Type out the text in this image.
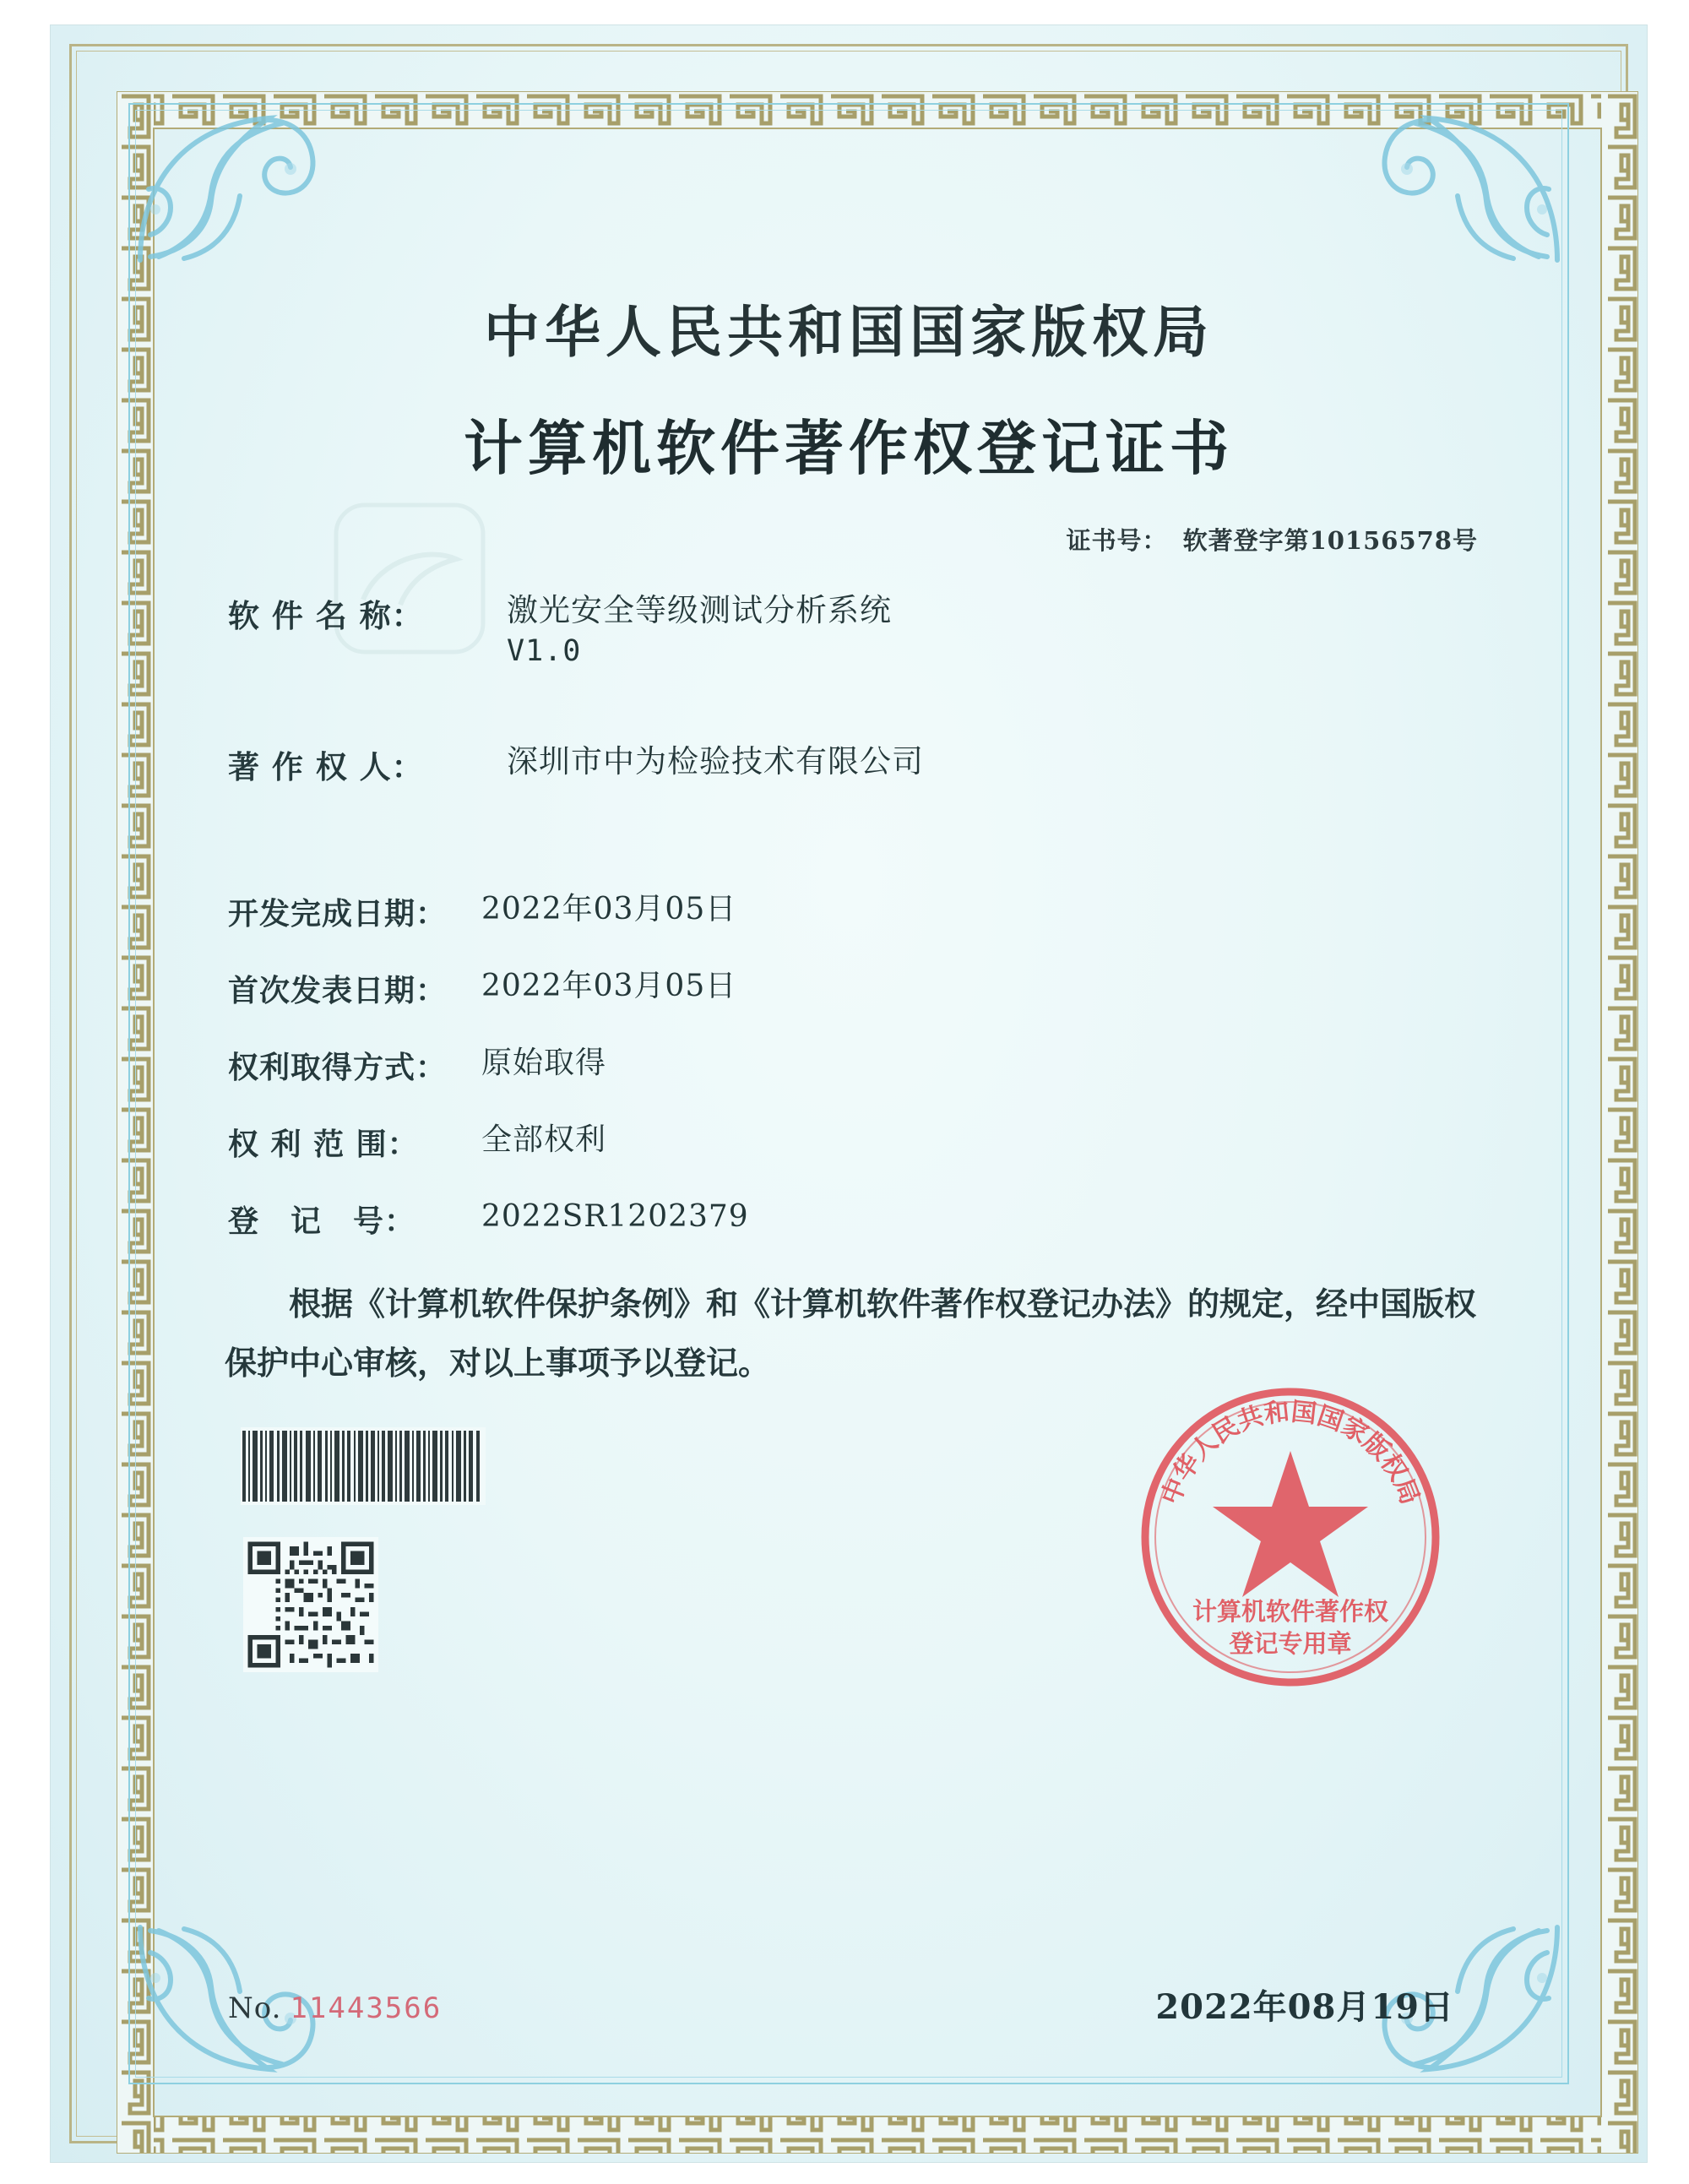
中华人民共和国国家版权局
计算机软件著作权登记证书
证书号： 软著登字第10156578号
软 件 名 称：	激光安全等级测试分析系统
V1.0
著 作 权 人：	深圳市中为检验技术有限公司
开发完成日期：	2022年03月05日
首次发表日期：	2022年03月05日
权利取得方式：	原始取得
权 利 范 围：	全部权利
登　记　号：	2022SR1202379
根据《计算机软件保护条例》和《计算机软件著作权登记办法》的规定，经中国版权保护中心审核，对以上事项予以登记。
中华人民共和国国家版权局
计算机软件著作权
登记专用章
No. 11443566	2022年08月19日
